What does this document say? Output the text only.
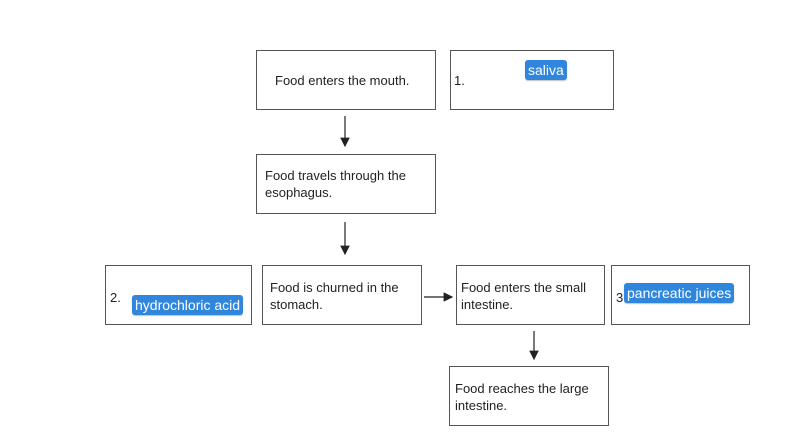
Food enters the mouth.
Food travels through the esophagus.
Food is churned in the stomach.
Food enters the small intestine.
Food reaches the large intestine.
1.
2.	3
saliva
hydrochloric acid
pancreatic juices
